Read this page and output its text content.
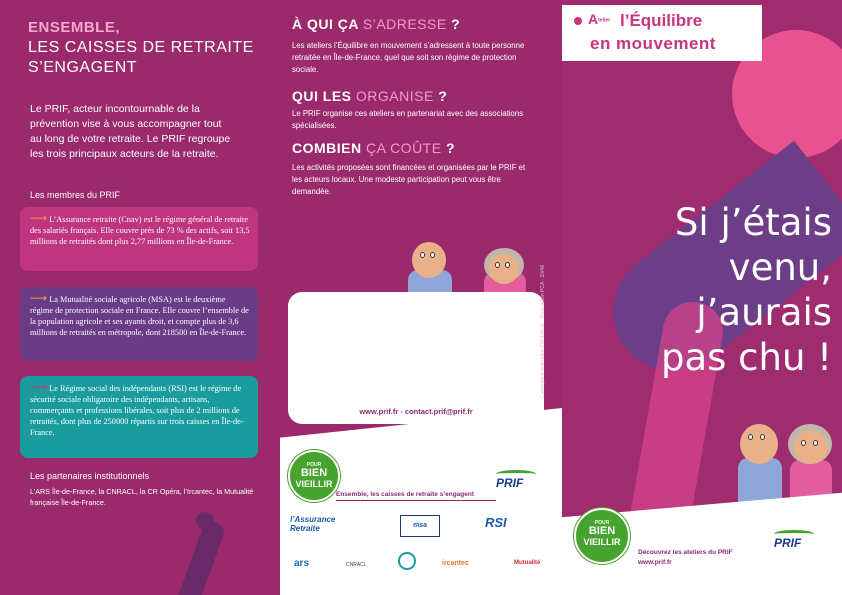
ENSEMBLE,
LES CAISSES DE RETRAITE
S’ENGAGENT

Le PRIF, acteur incontournable de la prévention vise à vous accompagner tout au long de votre retraite. Le PRIF regroupe les trois principaux acteurs de la retraite.

Les membres du PRIF
⟶ L’Assurance retraite (Cnav) est le régime général de retraite des salariés français. Elle couvre près de 73 % des actifs, soit 13,5 millions de retraités dont plus 2,77 millions en Île-de-France.
⟶ La Mutualité sociale agricole (MSA) est le deuxième régime de protection sociale en France. Elle couvre l’ensemble de la population agricole et ses ayants droit, et compte plus de 3,6 millions de retraités en métropole, dont 218500 en Île-de-France.
⟶ Le Régime social des indépendants (RSI) est le régime de sécurité sociale obligatoire des indépendants, artisans, commerçants et professions libérales, soit plus de 2 millions de retraités, dont plus de 250000 répartis sur trois caisses en Île-de-France.
Les partenaires institutionnels

L’ARS Île-de-France, la CNRACL, la CR Opéra, l’Ircantec, la Mutualité française Île-de-France.

À QUI ÇA S’ADRESSE ?

Les ateliers l’Équilibre en mouvement s’adressent à toute personne retraitée en Île-de-France, quel que soit son régime de protection sociale.

QUI LES ORGANISE ?

Le PRIF organise ces ateliers en partenariat avec des associations spécialisées.

COMBIEN ÇA COÛTE ?

Les activités proposées sont financées et organisées par le PRIF et les acteurs locaux. Une modeste participation peut vous être demandée.

www.prif.fr - contact.prif@prif.fr
Conception réalisation FARMAGE - Réalisation PCA - 10/48
POUR
BIEN
VIEILLIR
Ensemble, les caisses de retraite s’engagent
PRIF
l’Assurance Retraite	msa	RSI
ars	CNRACL	ircantec	Mutualité
Atelier l’Équilibre
en mouvement
Si j’étais
venu,
j’aurais
pas chu !
POUR
BIEN
VIEILLIR
Découvrez les ateliers du PRIF
www.prif.fr
PRIF
